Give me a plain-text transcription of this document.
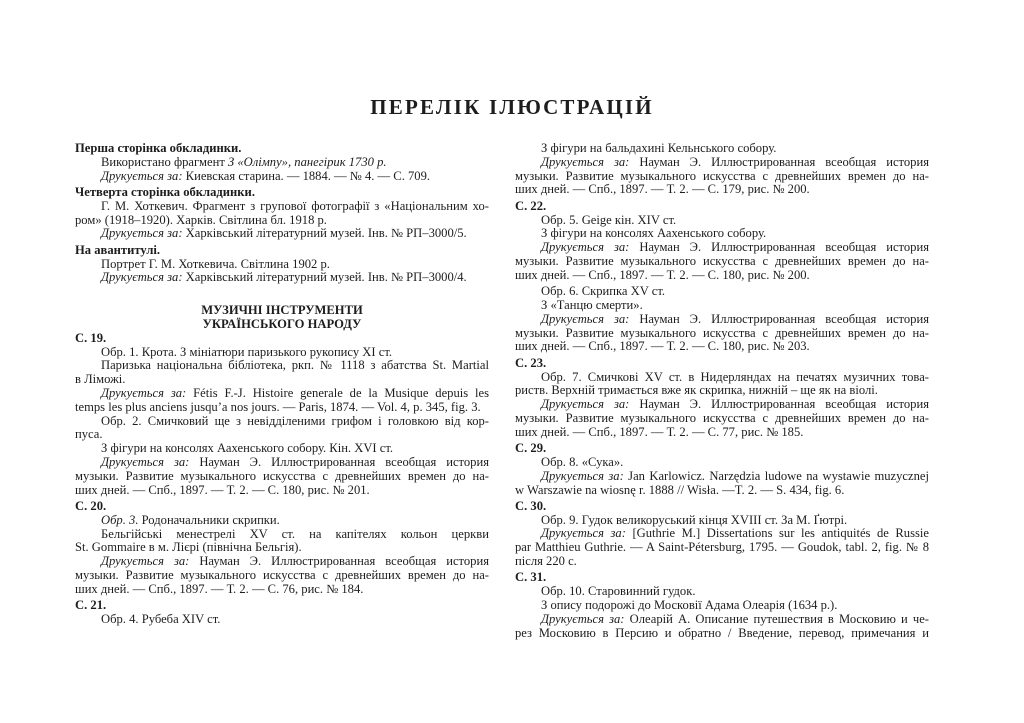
ПЕРЕЛІК ІЛЮСТРАЦІЙ
Перша сторінка обкладинки.
Використано фрагмент З «Олімпу», панегірик 1730 р.
Друкується за: Киевская старина. — 1884. — № 4. — С. 709.
Четверта сторінка обкладинки.
Г. М. Хоткевич. Фрагмент з групової фотографії з «Національним хо-
ром» (1918–1920). Харків. Світлина бл. 1918 р.
Друкується за: Харківський літературний музей. Інв. № РП–3000/5.
На авантитулі.
Портрет Г. М. Хоткевича. Світлина 1902 р.
Друкується за: Харківський літературний музей. Інв. № РП–3000/4.
МУЗИЧНІ ІНСТРУМЕНТИ
УКРАЇНСЬКОГО НАРОДУ
С. 19.
Обр. 1. Крота. З мініатюри паризького рукопису XI ст.
Паризька національна бібліотека, ркп. № 1118 з абатства St. Martial
в Ліможі.
Друкується за: Fétis F.-J. Histoire generale de la Musique depuis les
temps les plus anciens jusqu’a nos jours. — Paris, 1874. — Vol. 4, p. 345, fig. 3.
Обр. 2. Смичковий ще з невідділеними грифом і головкою від кор-
пуса.
З фігури на консолях Аахенського собору. Кін. XVI ст.
Друкується за: Науман Э. Иллюстрированная всеобщая история
музыки. Развитие музыкального искусства с древнейших времен до на-
ших дней. — Спб., 1897. — Т. 2. — С. 180, рис. № 201.
С. 20.
Обр. 3. Родоначальники скрипки.
Бельгійські менестрелі XV ст. на капітелях кольон церкви
St. Gommaire в м. Лієрі (північна Бельгія).
Друкується за: Науман Э. Иллюстрированная всеобщая история
музыки. Развитие музыкального искусства с древнейших времен до на-
ших дней. — Спб., 1897. — Т. 2. — С. 76, рис. № 184.
С. 21.
Обр. 4. Рубеба XIV ст.
З фігури на бальдахині Кельнського собору.
Друкується за: Науман Э. Иллюстрированная всеобщая история
музыки. Развитие музыкального искусства с древнейших времен до на-
ших дней. — Спб., 1897. — Т. 2. — С. 179, рис. № 200.
С. 22.
Обр. 5. Geige кін. XIV ст.
З фігури на консолях Аахенського собору.
Друкується за: Науман Э. Иллюстрированная всеобщая история
музыки. Развитие музыкального искусства с древнейших времен до на-
ших дней. — Спб., 1897. — Т. 2. — С. 180, рис. № 200.
Обр. 6. Скрипка XV ст.
З «Танцю смерти».
Друкується за: Науман Э. Иллюстрированная всеобщая история
музыки. Развитие музыкального искусства с древнейших времен до на-
ших дней. — Спб., 1897. — Т. 2. — С. 180, рис. № 203.
С. 23.
Обр. 7. Смичкові XV ст. в Нидерляндах на печатях музичних това-
риств. Верхній тримається вже як скрипка, нижній – ще як на віолі.
Друкується за: Науман Э. Иллюстрированная всеобщая история
музыки. Развитие музыкального искусства с древнейших времен до на-
ших дней. — Спб., 1897. — Т. 2. — С. 77, рис. № 185.
С. 29.
Обр. 8. «Сука».
Друкується за: Jan Karlowicz. Narzędzia ludowe na wystawie muzycznej
w Warszawie na wiosnę r. 1888 // Wisła. —T. 2. — S. 434, fig. 6.
С. 30.
Обр. 9. Гудок великоруський кінця XVIII ст. За М. Ґютрі.
Друкується за: [Guthrie M.] Dissertations sur les antiquités de Russie
par Matthieu Guthrie. — A Saint-Pétersburg, 1795. — Goudok, tabl. 2, fig. № 8
після 220 с.
С. 31.
Обр. 10. Старовинний гудок.
З опису подорожі до Московії Адама Олеарія (1634 р.).
Друкується за: Олеарій А. Описание путешествия в Московию и че-
рез Московию в Персию и обратно / Введение, перевод, примечания и
